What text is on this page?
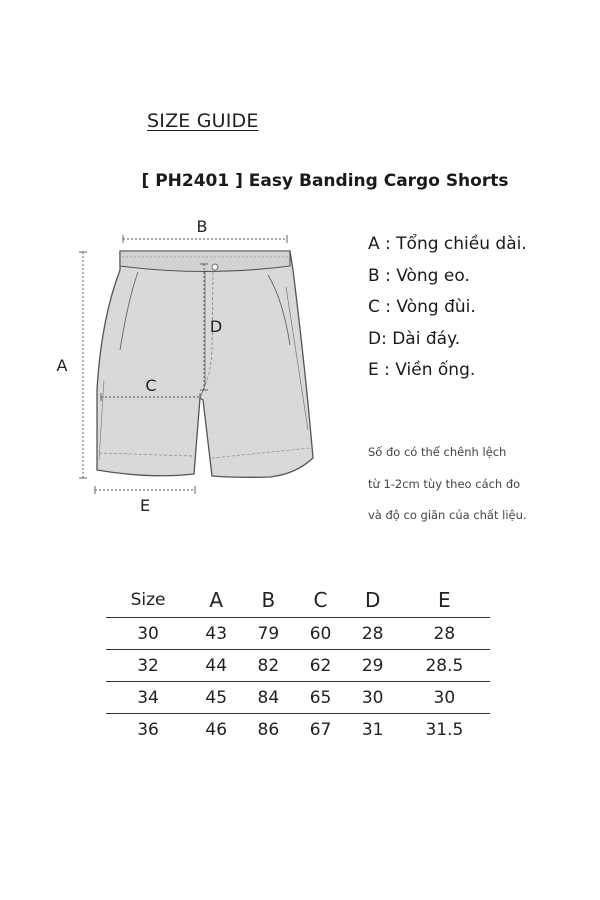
SIZE GUIDE
[ PH2401 ] Easy Banding Cargo Shorts
B
A
D
C
E
A : Tổng chiều dài.
B : Vòng eo.
C : Vòng đùi.
D: Dài đáy.
E : Viền ống.
Số đo có thể chênh lệch
từ 1-2cm tùy theo cách đo
và độ co giãn của chất liệu.
Size	A	B	C	D	E
30	43	79	60	28	28
32	44	82	62	29	28.5
34	45	84	65	30	30
36	46	86	67	31	31.5
